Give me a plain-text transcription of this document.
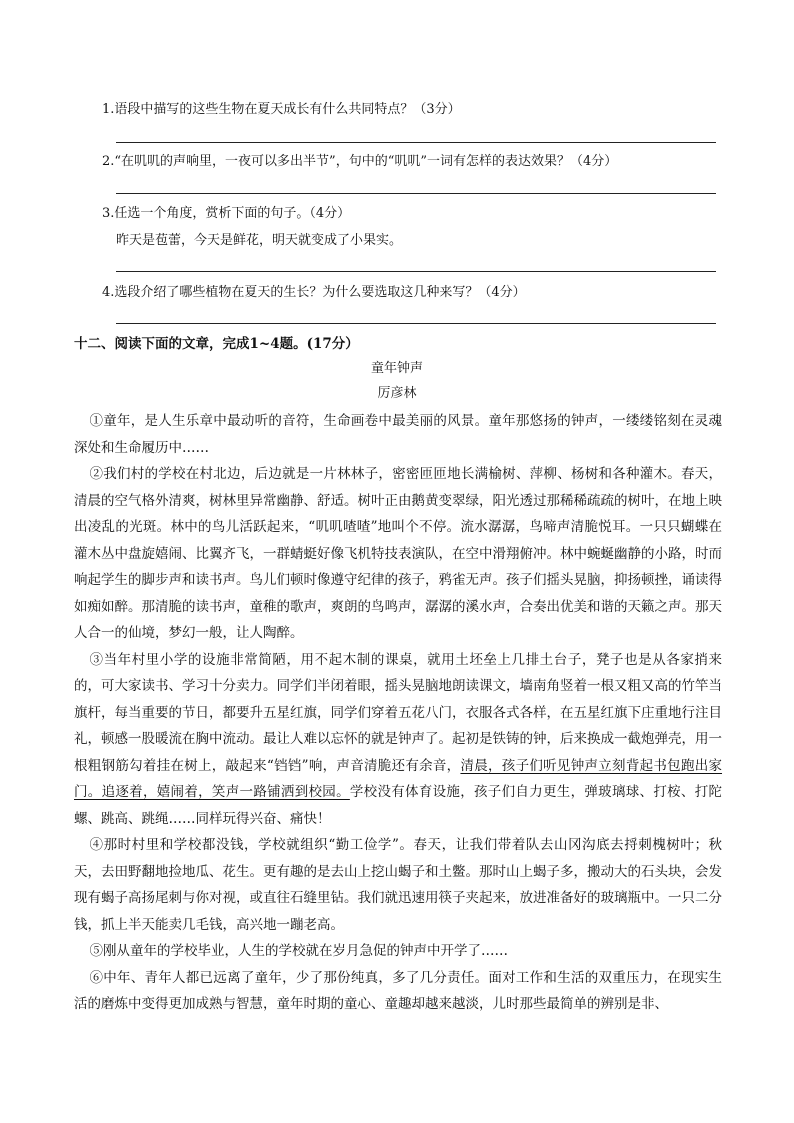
1.语段中描写的这些生物在夏天成长有什么共同特点？（3分）
2.“在叽叽的声响里，一夜可以多出半节”，句中的“叽叽”一词有怎样的表达效果？（4分）
3.任选一个角度，赏析下面的句子。（4分）
昨天是苞蕾，今天是鲜花，明天就变成了小果实。
4.选段介绍了哪些植物在夏天的生长？为什么要选取这几种来写？（4分）
十二、阅读下面的文章，完成1~4题。(17分）
童年钟声
厉彦林

①童年，是人生乐章中最动听的音符，生命画卷中最美丽的风景。童年那悠扬的钟声，一缕缕铭刻在灵魂深处和生命履历中……

②我们村的学校在村北边，后边就是一片林林子，密密匝匝地长满榆树、萍柳、杨树和各种灌木。春天，清晨的空气格外清爽，树林里异常幽静、舒适。树叶正由鹅黄变翠绿，阳光透过那稀稀疏疏的树叶，在地上映出凌乱的光斑。林中的鸟儿活跃起来，“叽叽喳喳”地叫个不停。流水潺潺，鸟啼声清脆悦耳。一只只蝴蝶在灌木丛中盘旋嬉闹、比翼齐飞，一群蜻蜓好像飞机特技表演队，在空中滑翔俯冲。林中蜿蜒幽静的小路，时而响起学生的脚步声和读书声。鸟儿们顿时像遵守纪律的孩子，鸦雀无声。孩子们摇头晃脑，抑扬顿挫，诵读得如痴如醉。那清脆的读书声，童稚的歌声，爽朗的鸟鸣声，潺潺的溪水声，合奏出优美和谐的天籁之声。那天人合一的仙境，梦幻一般，让人陶醉。

③当年村里小学的设施非常简陋，用不起木制的课桌，就用土坯垒上几排土台子，凳子也是从各家捎来的，可大家读书、学习十分卖力。同学们半闭着眼，摇头晃脑地朗读课文，墙南角竖着一根又粗又高的竹竿当旗杆，每当重要的节日，都要升五星红旗，同学们穿着五花八门，衣服各式各样，在五星红旗下庄重地行注目礼，顿感一股暖流在胸中流动。最让人难以忘怀的就是钟声了。起初是铁铸的钟，后来换成一截炮弹壳，用一根粗钢筋勾着挂在树上，敲起来“铛铛”响，声音清脆还有余音，清晨，孩子们听见钟声立刻背起书包跑出家门。追逐着，嬉闹着，笑声一路铺洒到校园。学校没有体育设施，孩子们自力更生，弹玻璃球、打桉、打陀螺、跳高、跳绳……同样玩得兴奋、痛快！

④那时村里和学校都没钱，学校就组织“勤工俭学”。春天，让我们带着队去山冈沟底去捋刺槐树叶；秋天，去田野翻地捡地瓜、花生。更有趣的是去山上挖山蝎子和土鳖。那时山上蝎子多，搬动大的石头块，会发现有蝎子高扬尾刺与你对视，或直往石缝里钻。我们就迅速用筷子夹起来，放进准备好的玻璃瓶中。一只二分钱，抓上半天能卖几毛钱，高兴地一蹦老高。

⑤刚从童年的学校毕业，人生的学校就在岁月急促的钟声中开学了……

⑥中年、青年人都已远离了童年，少了那份纯真，多了几分责任。面对工作和生活的双重压力，在现实生活的磨炼中变得更加成熟与智慧，童年时期的童心、童趣却越来越淡，儿时那些最简单的辨别是非、
